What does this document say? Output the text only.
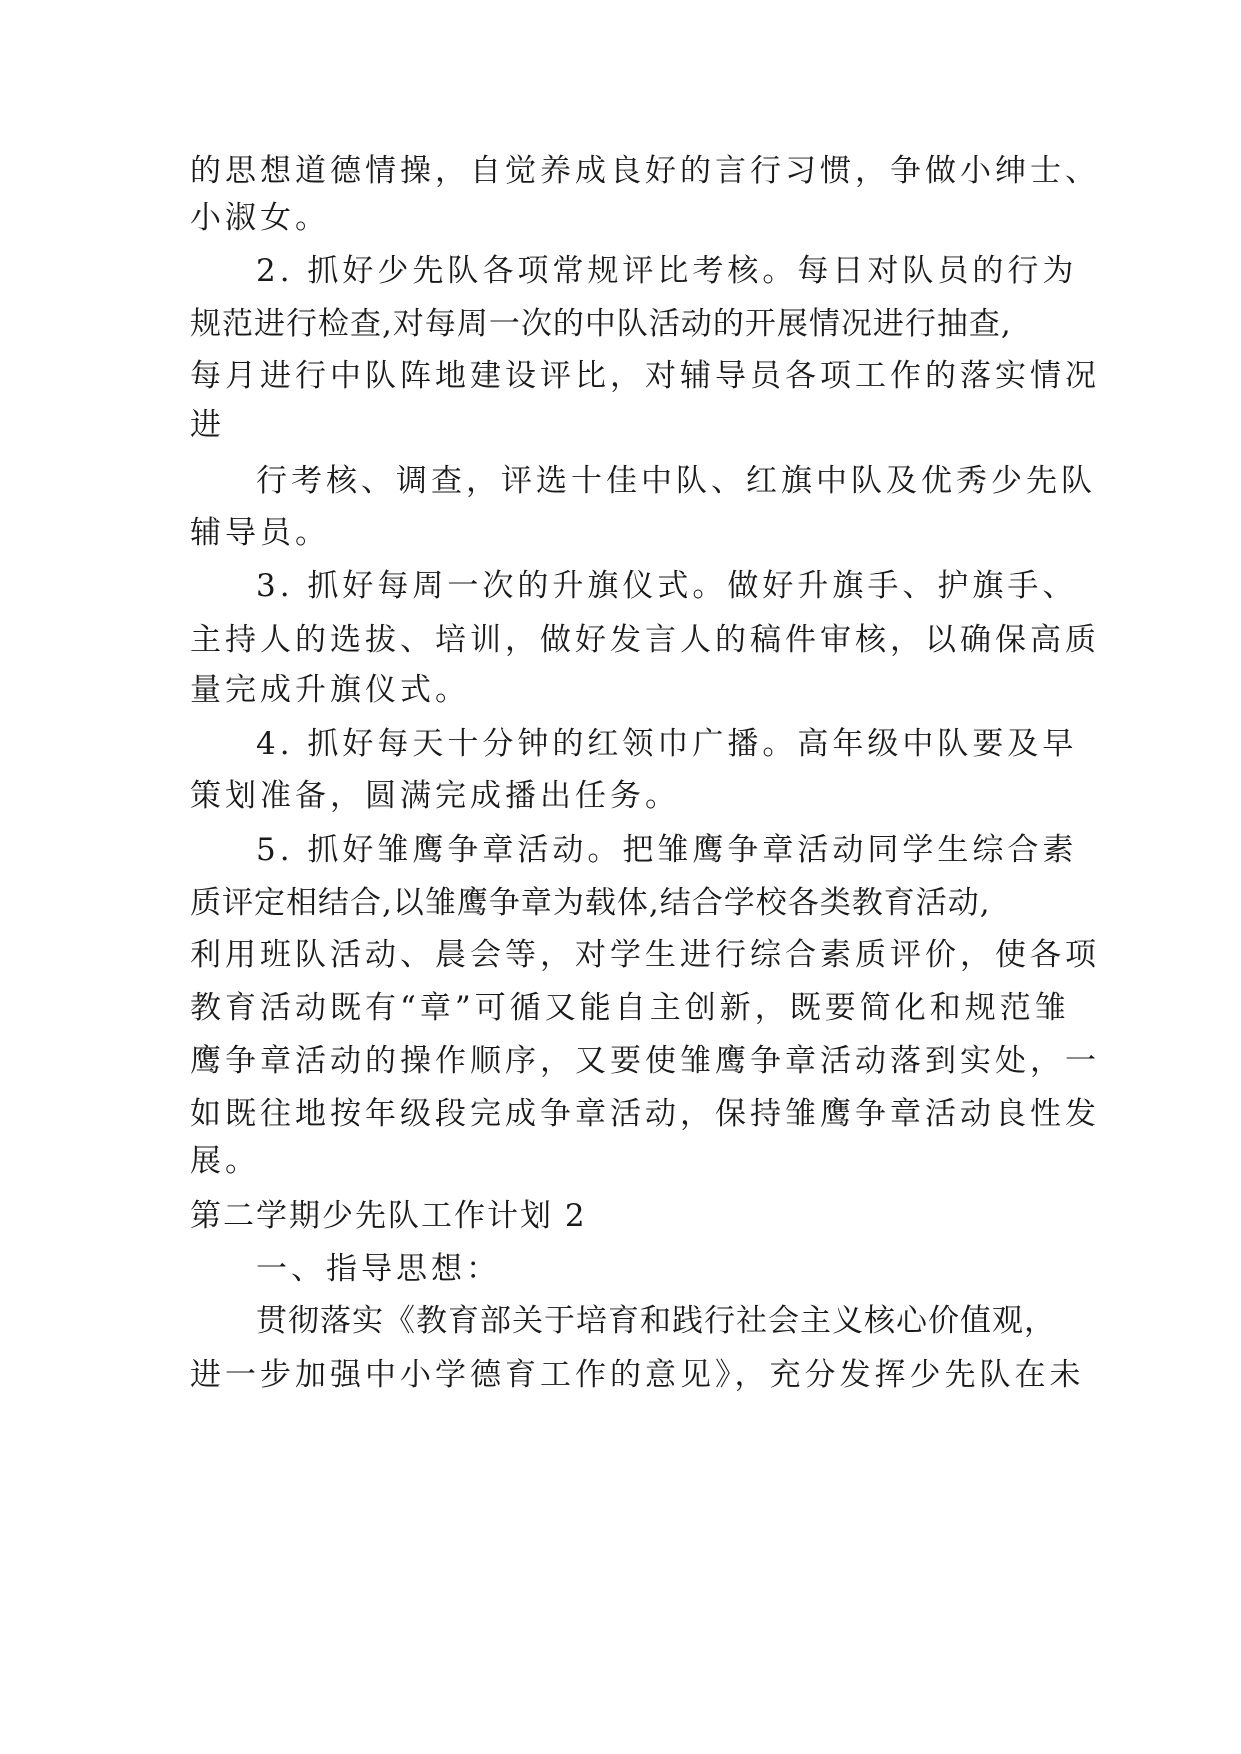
的思想道德情操，自觉养成良好的言行习惯，争做小绅士、
小淑女。
2. 抓好少先队各项常规评比考核。每日对队员的行为
规范进行检查,对每周一次的中队活动的开展情况进行抽查,
每月进行中队阵地建设评比，对辅导员各项工作的落实情况
进
行考核、调查，评选十佳中队、红旗中队及优秀少先队
辅导员。
3. 抓好每周一次的升旗仪式。做好升旗手、护旗手、
主持人的选拔、培训，做好发言人的稿件审核，以确保高质
量完成升旗仪式。
4. 抓好每天十分钟的红领巾广播。高年级中队要及早
策划准备，圆满完成播出任务。
5. 抓好雏鹰争章活动。把雏鹰争章活动同学生综合素
质评定相结合,以雏鹰争章为载体,结合学校各类教育活动,
利用班队活动、晨会等，对学生进行综合素质评价，使各项
教育活动既有“章”可循又能自主创新，既要简化和规范雏
鹰争章活动的操作顺序，又要使雏鹰争章活动落到实处，一
如既往地按年级段完成争章活动，保持雏鹰争章活动良性发
展。
第二学期少先队工作计划 2
一、指导思想：
贯彻落实《教育部关于培育和践行社会主义核心价值观，
进一步加强中小学德育工作的意见》，充分发挥少先队在未
